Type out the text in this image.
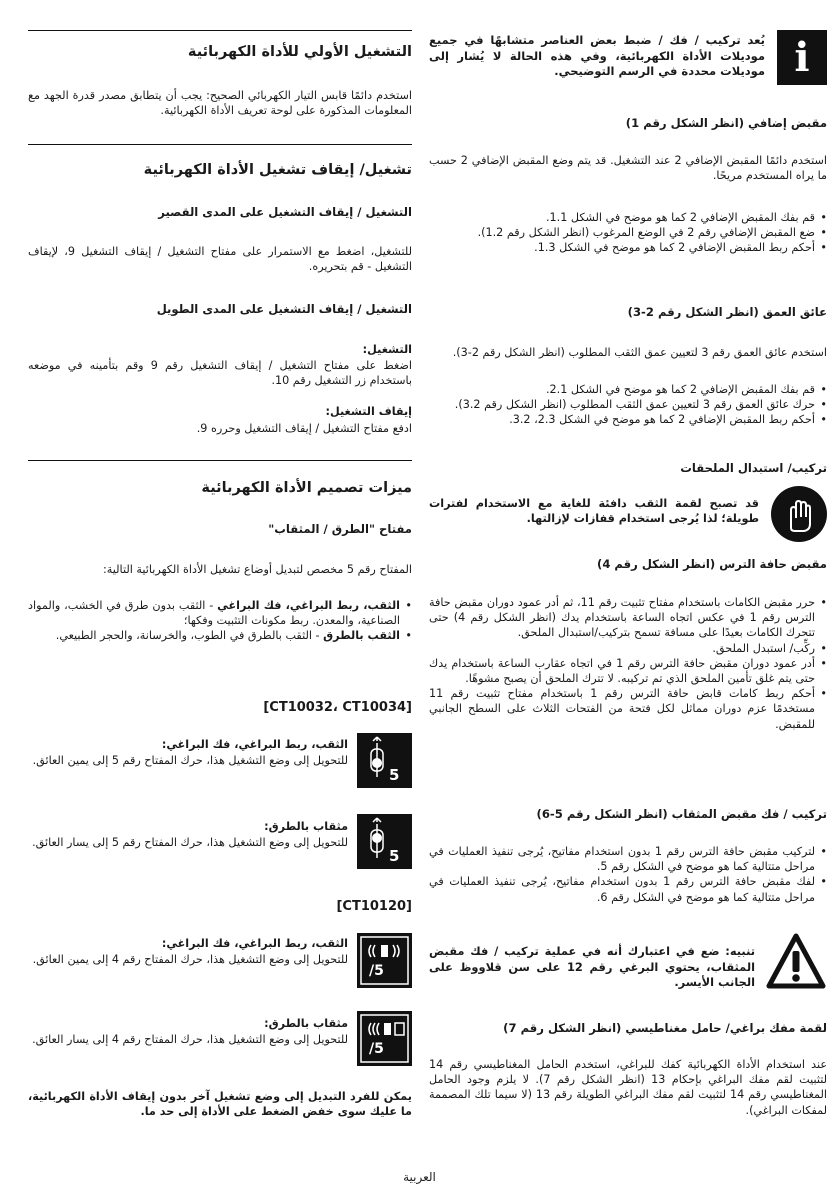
i

يُعد تركيب / فك / ضبط بعض العناصر متشابهًا في جميع موديلات الأداة الكهربائية، وفي هذه الحالة لا يُشار إلى موديلات محددة في الرسم التوضيحي.

مقبض إضافي (انظر الشكل رقم 1)

استخدم دائمًا المقبض الإضافي 2 عند التشغيل. قد يتم وضع المقبض الإضافي 2 حسب ما يراه المستخدم مريحًا.

• قم بفك المقبض الإضافي 2 كما هو موضح في الشكل 1.1.
• ضع المقبض الإضافي رقم 2 في الوضع المرغوب (انظر الشكل رقم 1.2).
• أحكم ربط المقبض الإضافي 2 كما هو موضح في الشكل 1.3.

عائق العمق (انظر الشكل رقم 2-3)

استخدم عائق العمق رقم 3 لتعيين عمق الثقب المطلوب (انظر الشكل رقم 2-3).

• قم بفك المقبض الإضافي 2 كما هو موضح في الشكل 2.1.
• حرك عائق العمق رقم 3 لتعيين عمق الثقب المطلوب (انظر الشكل رقم 3.2).
• أحكم ربط المقبض الإضافي 2 كما هو موضح في الشكل 2.3، 3.2.

تركيب/ استبدال الملحقات

قد تصبح لقمة الثقب دافئة للغاية مع الاستخدام لفترات طويلة؛ لذا يُرجى استخدام قفازات لإزالتها.

مقبض حافة الترس (انظر الشكل رقم 4)

• حرر مقبض الكامات باستخدام مفتاح تثبيت رقم 11، ثم أدر عمود دوران مقبض حافة الترس رقم 1 في عكس اتجاه الساعة باستخدام يدك (انظر الشكل رقم 4) حتى تتحرك الكامات بعيدًا على مسافة تسمح بتركيب/استبدال الملحق.
• ركِّب/ استبدل الملحق.
• أدر عمود دوران مقبض حافة الترس رقم 1 في اتجاه عقارب الساعة باستخدام يدك حتى يتم غلق تأمين الملحق الذي تم تركيبه. لا تترك الملحق أن يصبح مشوهًا.
• أحكم ربط كامات قابض حافة الترس رقم 1 باستخدام مفتاح تثبيت رقم 11 مستخدمًا عزم دوران مماثل لكل فتحة من الفتحات الثلاث على السطح الجانبي للمقبض.

تركيب / فك مقبض المثقاب (انظر الشكل رقم 5-6)

• لتركيب مقبض حافة الترس رقم 1 بدون استخدام مفاتيح، يُرجى تنفيذ العمليات في مراحل متتالية كما هو موضح في الشكل رقم 5.
• لفك مقبض حافة الترس رقم 1 بدون استخدام مفاتيح، يُرجى تنفيذ العمليات في مراحل متتالية كما هو موضح في الشكل رقم 6.

تنبيه: ضع في اعتبارك أنه في عملية تركيب / فك مقبض المثقاب، يحتوي البرغي رقم 12 على سن قلاووظ على الجانب الأيسر.

لقمة مفك براغي/ حامل مغناطيسي (انظر الشكل رقم 7)

عند استخدام الأداة الكهربائية كفك للبراغي، استخدم الحامل المغناطيسي رقم 14 لتثبيت لقم مفك البراغي بإحكام 13 (انظر الشكل رقم 7). لا يلزم وجود الحامل المغناطيسي رقم 14 لتثبيت لقم مفك البراغي الطويلة رقم 13 (لا سيما تلك المصممة لمفكات البراغي).

التشغيل الأولي للأداة الكهربائية

استخدم دائمًا قابس التيار الكهربائي الصحيح: يجب أن يتطابق مصدر قدرة الجهد مع المعلومات المذكورة على لوحة تعريف الأداة الكهربائية.

تشغيل/ إيقاف تشغيل الأداة الكهربائية

التشغيل / إيقاف التشغيل على المدى القصير

للتشغيل، اضغط مع الاستمرار على مفتاح التشغيل / إيقاف التشغيل 9، لإيقاف التشغيل - قم بتحريره.

التشغيل / إيقاف التشغيل على المدى الطويل

التشغيل:

اضغط على مفتاح التشغيل / إيقاف التشغيل رقم 9 وقم بتأمينه في موضعه باستخدام زر التشغيل رقم 10.

إيقاف التشغيل:

ادفع مفتاح التشغيل / إيقاف التشغيل وحرره 9.

ميزات تصميم الأداة الكهربائية

مفتاح "الطرق / المثقاب"

المفتاح رقم 5 مخصص لتبديل أوضاع تشغيل الأداة الكهربائية التالية:

• الثقب، ربط البراغي، فك البراغي - الثقب بدون طرق في الخشب، والمواد الصناعية، والمعدن. ربط مكونات التثبيت وفكها؛
• الثقب بالطرق - الثقب بالطرق في الطوب، والخرسانة، والحجر الطبيعي.

[CT10032، CT10034]

5

الثقب، ربط البراغي، فك البراغي:

للتحويل إلى وضع التشغيل هذا، حرك المفتاح رقم 5 إلى يمين العائق.

5

مثقاب بالطرق:

للتحويل إلى وضع التشغيل هذا، حرك المفتاح رقم 5 إلى يسار العائق.

[CT10120]

5/

الثقب، ربط البراغي، فك البراغي:

للتحويل إلى وضع التشغيل هذا، حرك المفتاح رقم 4 إلى يمين العائق.

5/

مثقاب بالطرق:

للتحويل إلى وضع التشغيل هذا، حرك المفتاح رقم 4 إلى يسار العائق.

يمكن للفرد التبديل إلى وضع تشغيل آخر بدون إيقاف الأداة الكهربائية، ما عليك سوى خفض الضغط على الأداة إلى حد ما.

العربية
